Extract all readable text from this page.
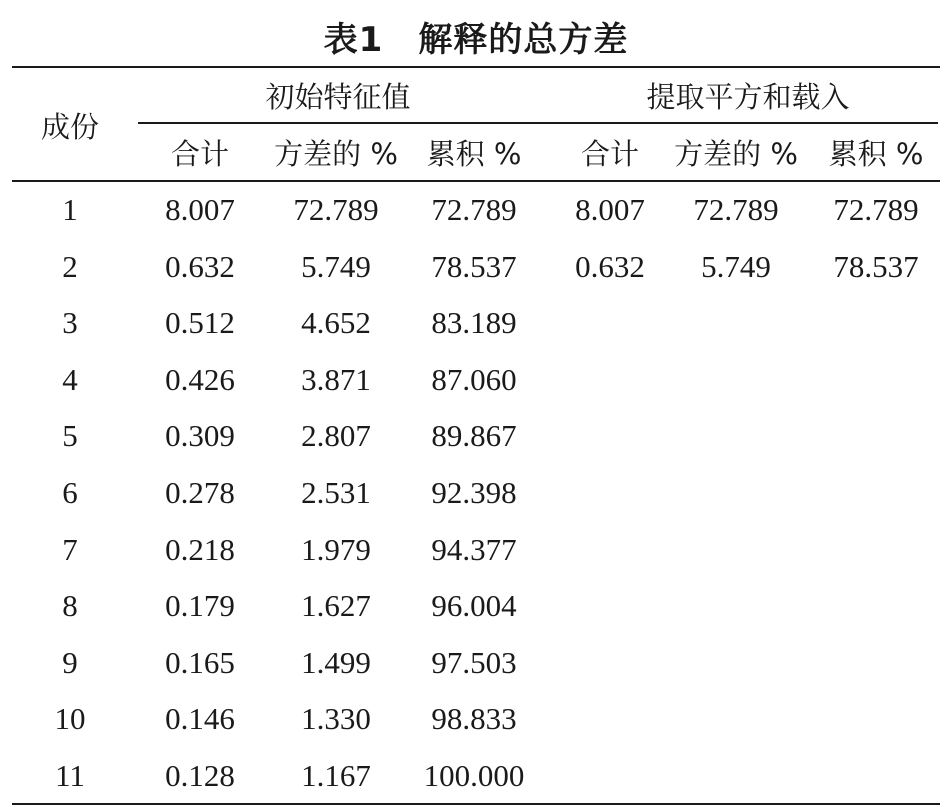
表1　解释的总方差
成份
初始特征值	提取平方和载入
合计 方差的 % 累积 % 合计 方差的 % 累积 %
1	8.007 72.789 72.789 8.007 72.789 72.789
2	0.632 5.749 78.537 0.632 5.749 78.537
3	0.512 4.652 83.189
4	0.426 3.871 87.060
5	0.309 2.807 89.867
6	0.278 2.531 92.398
7	0.218 1.979 94.377
8	0.179 1.627 96.004
9	0.165 1.499 97.503
10	0.146 1.330 98.833
11	0.128 1.167 100.000
